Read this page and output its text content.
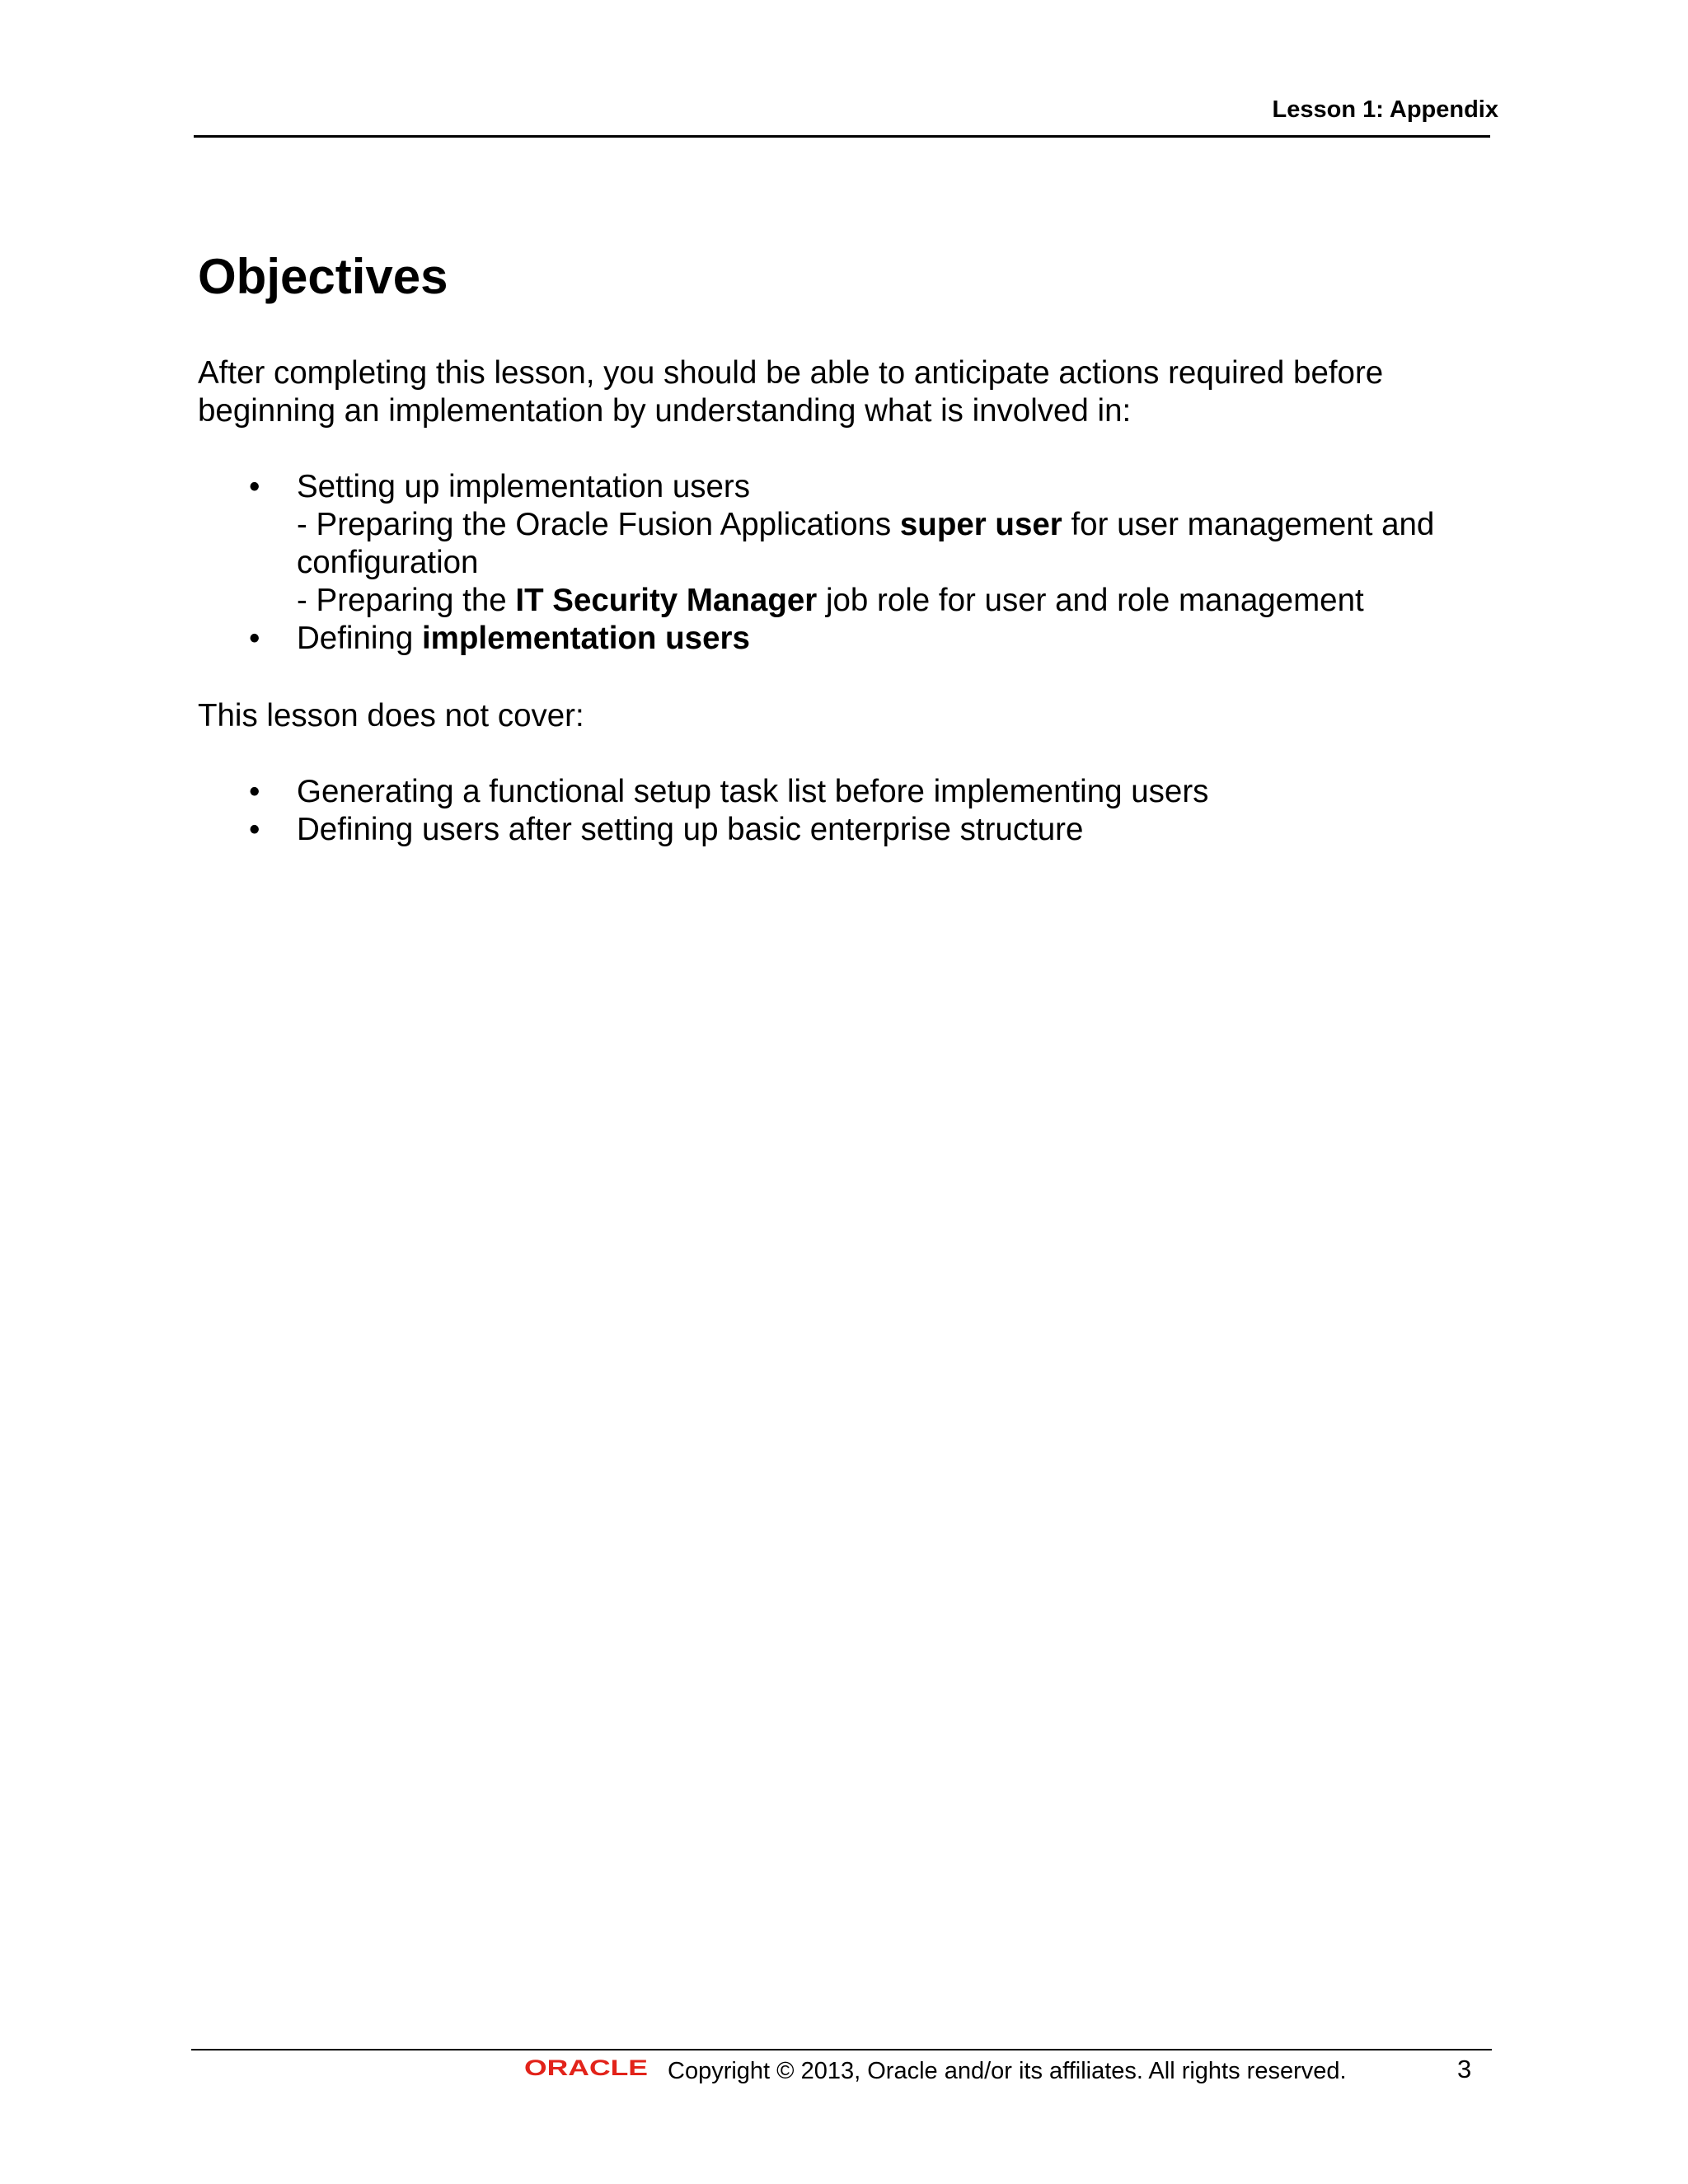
Lesson 1: Appendix
Objectives

After completing this lesson, you should be able to anticipate actions required before beginning an implementation by understanding what is involved in:

• Setting up implementation users
- Preparing the Oracle Fusion Applications super user for user management and configuration
- Preparing the IT Security Manager job role for user and role management
• Defining implementation users

This lesson does not cover:

• Generating a functional setup task list before implementing users
• Defining users after setting up basic enterprise structure
ORACLE Copyright © 2013, Oracle and/or its affiliates. All rights reserved.	3
